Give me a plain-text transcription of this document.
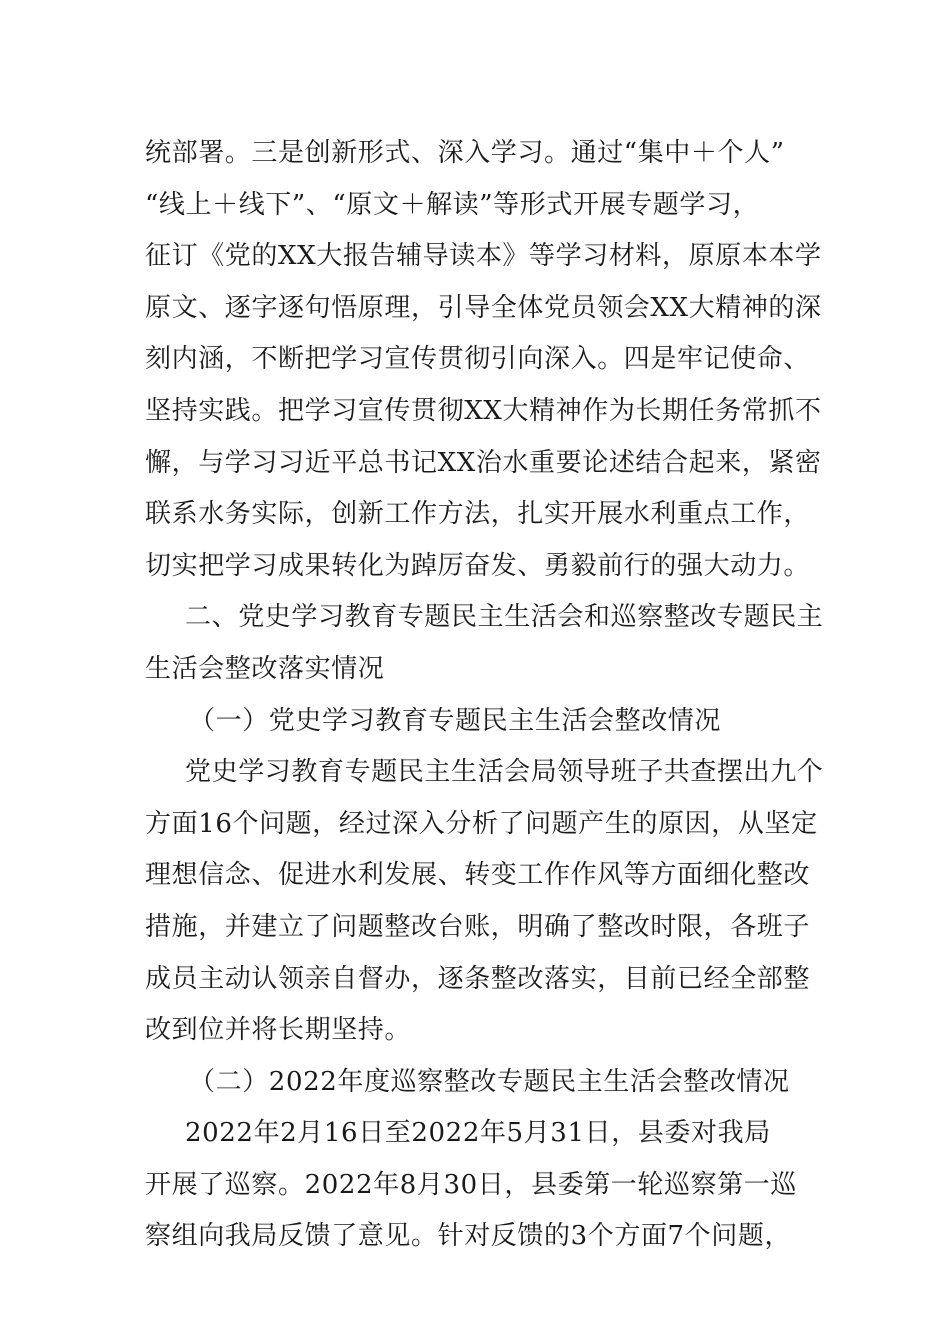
统部署。三是创新形式、深入学习。通过“集中＋个人”
“线上＋线下”、“原文＋解读”等形式开展专题学习，
征订《党的XX大报告辅导读本》等学习材料，原原本本学
原文、逐字逐句悟原理，引导全体党员领会XX大精神的深
刻内涵，不断把学习宣传贯彻引向深入。四是牢记使命、
坚持实践。把学习宣传贯彻XX大精神作为长期任务常抓不
懈，与学习习近平总书记XX治水重要论述结合起来，紧密
联系水务实际，创新工作方法，扎实开展水利重点工作，
切实把学习成果转化为踔厉奋发、勇毅前行的强大动力。
二、党史学习教育专题民主生活会和巡察整改专题民主
生活会整改落实情况
（一）党史学习教育专题民主生活会整改情况
党史学习教育专题民主生活会局领导班子共查摆出九个
方面16个问题，经过深入分析了问题产生的原因，从坚定
理想信念、促进水利发展、转变工作作风等方面细化整改
措施，并建立了问题整改台账，明确了整改时限，各班子
成员主动认领亲自督办，逐条整改落实，目前已经全部整
改到位并将长期坚持。
（二）2022年度巡察整改专题民主生活会整改情况
2022年2月16日至2022年5月31日，县委对我局
开展了巡察。2022年8月30日，县委第一轮巡察第一巡
察组向我局反馈了意见。针对反馈的3个方面7个问题，
